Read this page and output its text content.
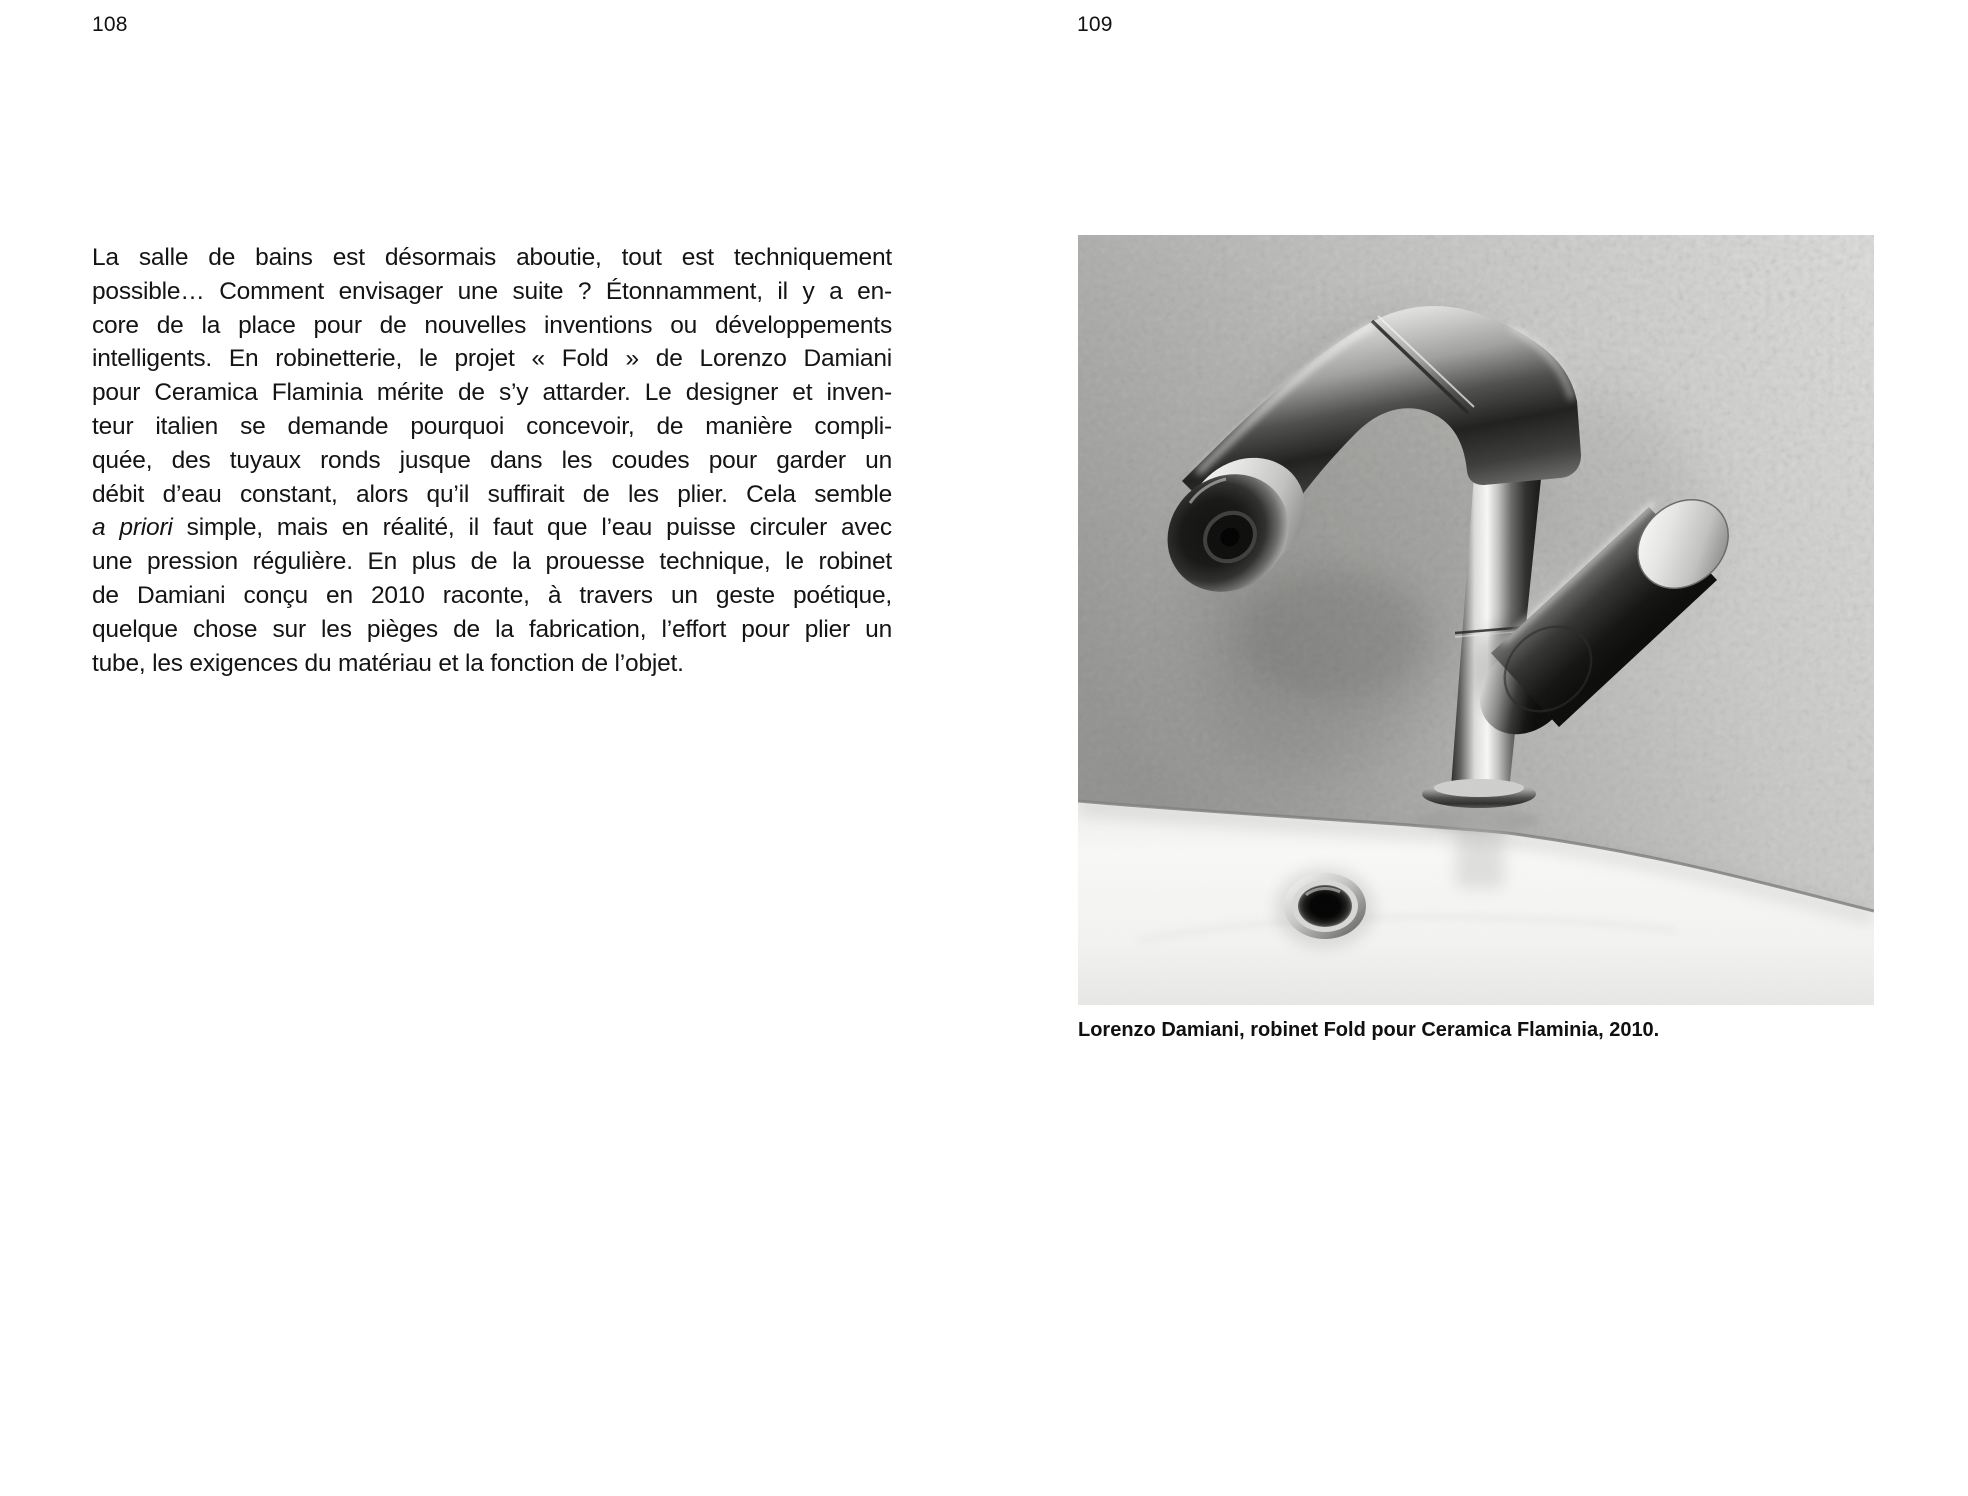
108
La salle de bains est désormais aboutie, tout est techniquement
possible… Comment envisager une suite ? Étonnamment, il y a en-
core de la place pour de nouvelles inventions ou développements
intelligents. En robinetterie, le projet « Fold » de Lorenzo Damiani
pour Ceramica Flaminia mérite de s’y attarder. Le designer et inven-
teur italien se demande pourquoi concevoir, de manière compli-
quée, des tuyaux ronds jusque dans les coudes pour garder un
débit d’eau constant, alors qu’il suffirait de les plier. Cela semble
a priori simple, mais en réalité, il faut que l’eau puisse circuler avec
une pression régulière. En plus de la prouesse technique, le robinet
de Damiani conçu en 2010 raconte, à travers un geste poétique,
quelque chose sur les pièges de la fabrication, l’effort pour plier un
tube, les exigences du matériau et la fonction de l’objet.
109
Lorenzo Damiani, robinet Fold pour Ceramica Flaminia, 2010.
